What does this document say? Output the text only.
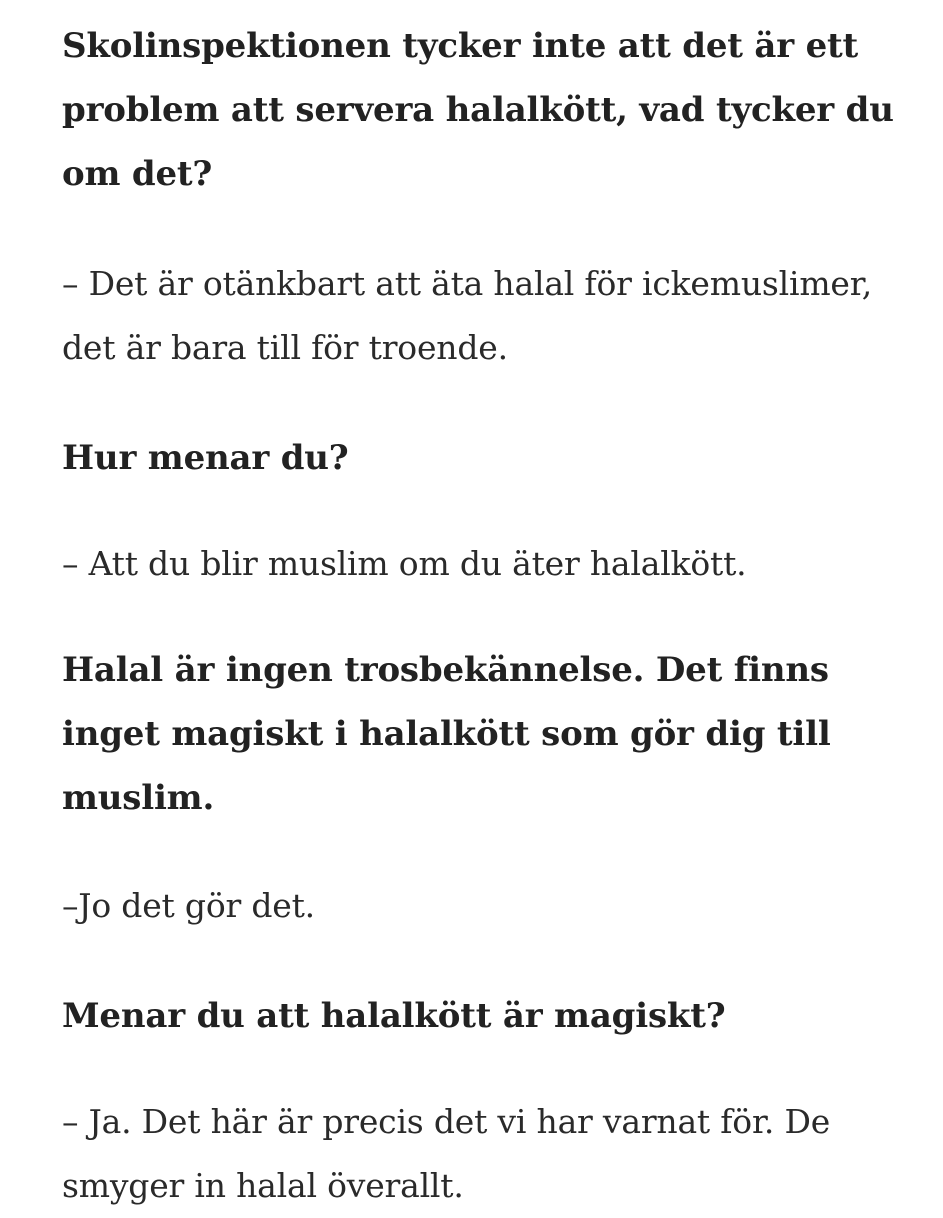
Skolinspektionen tycker inte att det är ett problem att servera halalkött, vad tycker du om det?

– Det är otänkbart att äta halal för ickemuslimer, det är bara till för troende.

Hur menar du?

– Att du blir muslim om du äter halalkött.

Halal är ingen trosbekännelse. Det finns inget magiskt i halalkött som gör dig till muslim.

–Jo det gör det.

Menar du att halalkött är magiskt?

– Ja. Det här är precis det vi har varnat för. De smyger in halal överallt.
